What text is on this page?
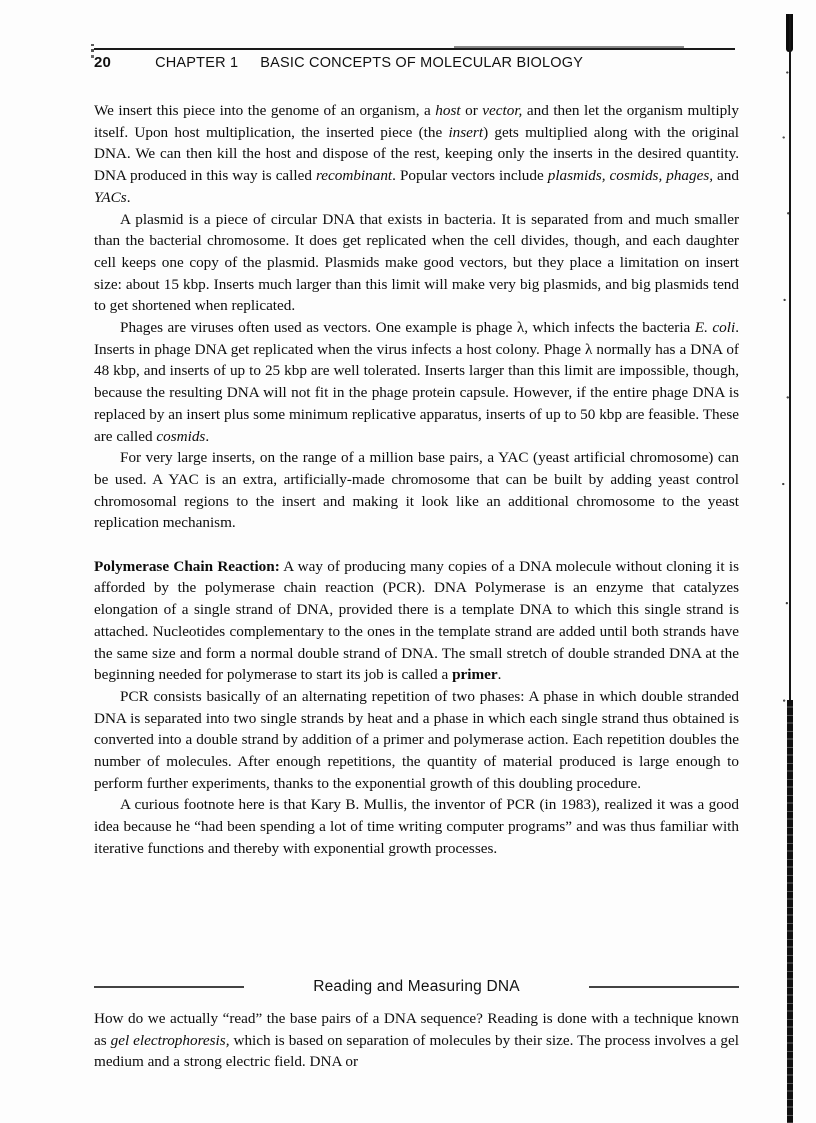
20	CHAPTER 1 BASIC CONCEPTS OF MOLECULAR BIOLOGY

We insert this piece into the genome of an organism, a host or vector, and then let the organism multiply itself. Upon host multiplication, the inserted piece (the insert) gets multiplied along with the original DNA. We can then kill the host and dispose of the rest, keeping only the inserts in the desired quantity. DNA produced in this way is called recombinant. Popular vectors include plasmids, cosmids, phages, and YACs.

A plasmid is a piece of circular DNA that exists in bacteria. It is separated from and much smaller than the bacterial chromosome. It does get replicated when the cell divides, though, and each daughter cell keeps one copy of the plasmid. Plasmids make good vectors, but they place a limitation on insert size: about 15 kbp. Inserts much larger than this limit will make very big plasmids, and big plasmids tend to get shortened when replicated.

Phages are viruses often used as vectors. One example is phage λ, which infects the bacteria E. coli. Inserts in phage DNA get replicated when the virus infects a host colony. Phage λ normally has a DNA of 48 kbp, and inserts of up to 25 kbp are well tolerated. Inserts larger than this limit are impossible, though, because the resulting DNA will not fit in the phage protein capsule. However, if the entire phage DNA is replaced by an insert plus some minimum replicative apparatus, inserts of up to 50 kbp are feasible. These are called cosmids.

For very large inserts, on the range of a million base pairs, a YAC (yeast artificial chromosome) can be used. A YAC is an extra, artificially-made chromosome that can be built by adding yeast control chromosomal regions to the insert and making it look like an additional chromosome to the yeast replication mechanism.

Polymerase Chain Reaction: A way of producing many copies of a DNA molecule without cloning it is afforded by the polymerase chain reaction (PCR). DNA Polymerase is an enzyme that catalyzes elongation of a single strand of DNA, provided there is a template DNA to which this single strand is attached. Nucleotides complementary to the ones in the template strand are added until both strands have the same size and form a normal double strand of DNA. The small stretch of double stranded DNA at the beginning needed for polymerase to start its job is called a primer.

PCR consists basically of an alternating repetition of two phases: A phase in which double stranded DNA is separated into two single strands by heat and a phase in which each single strand thus obtained is converted into a double strand by addition of a primer and polymerase action. Each repetition doubles the number of molecules. After enough repetitions, the quantity of material produced is large enough to perform further experiments, thanks to the exponential growth of this doubling procedure.

A curious footnote here is that Kary B. Mullis, the inventor of PCR (in 1983), realized it was a good idea because he “had been spending a lot of time writing computer programs” and was thus familiar with iterative functions and thereby with exponential growth processes.

Reading and Measuring DNA

How do we actually “read” the base pairs of a DNA sequence? Reading is done with a technique known as gel electrophoresis, which is based on separation of molecules by their size. The process involves a gel medium and a strong electric field. DNA or
